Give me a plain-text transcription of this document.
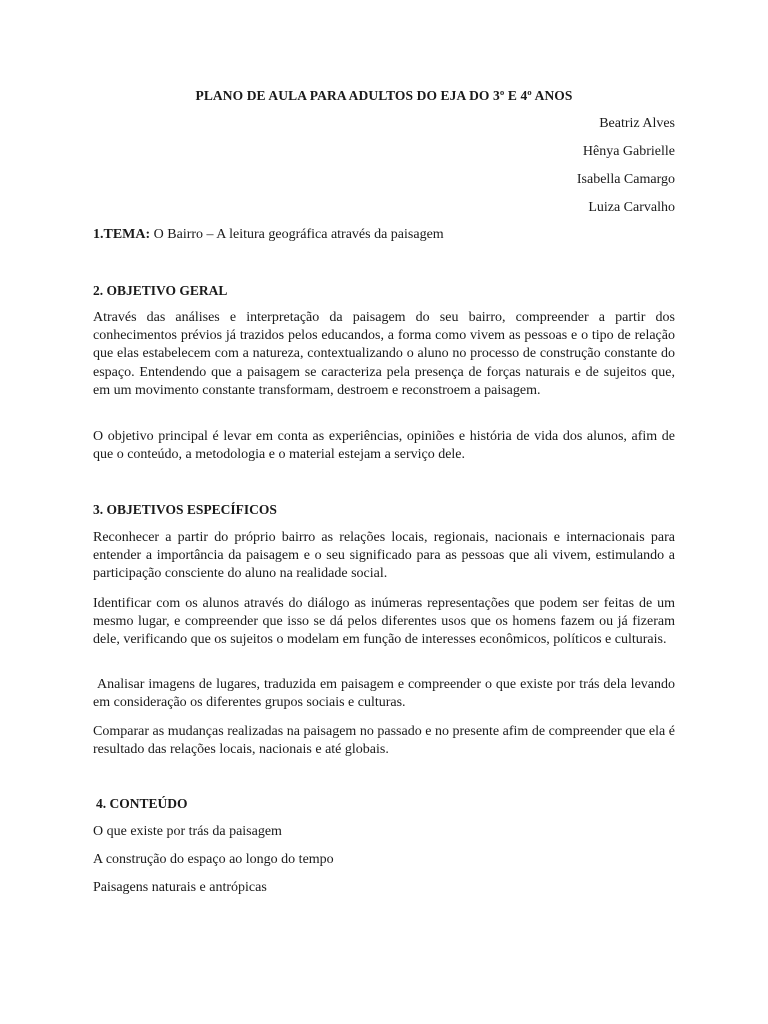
PLANO DE AULA PARA ADULTOS DO EJA DO 3º E 4º ANOS
Beatriz Alves
Hênya Gabrielle
Isabella Camargo
Luiza Carvalho
1.TEMA: O Bairro – A leitura geográfica através da paisagem
2. OBJETIVO GERAL
Através das análises e interpretação da paisagem do seu bairro, compreender a partir dos conhecimentos prévios já trazidos pelos educandos, a forma como vivem as pessoas e o tipo de relação que elas estabelecem com a natureza, contextualizando o aluno no processo de construção constante do espaço. Entendendo que a paisagem se caracteriza pela presença de forças naturais e de sujeitos que, em um movimento constante transformam, destroem e reconstroem a paisagem.
O objetivo principal é levar em conta as experiências, opiniões e história de vida dos alunos, afim de que o conteúdo, a metodologia e o material estejam a serviço dele.
3. OBJETIVOS ESPECÍFICOS
Reconhecer a partir do próprio bairro as relações locais, regionais, nacionais e internacionais para entender a importância da paisagem e o seu significado para as pessoas que ali vivem, estimulando a participação consciente do aluno na realidade social.
Identificar com os alunos através do diálogo as inúmeras representações que podem ser feitas de um mesmo lugar, e compreender que isso se dá pelos diferentes usos que os homens fazem ou já fizeram dele, verificando que os sujeitos o modelam em função de interesses econômicos, políticos e culturais.
Analisar imagens de lugares, traduzida em paisagem e compreender o que existe por trás dela levando em consideração os diferentes grupos sociais e culturas.
Comparar as mudanças realizadas na paisagem no passado e no presente afim de compreender que ela é resultado das relações locais, nacionais e até globais.
4. CONTEÚDO
O que existe por trás da paisagem
A construção do espaço ao longo do tempo
Paisagens naturais e antrópicas
